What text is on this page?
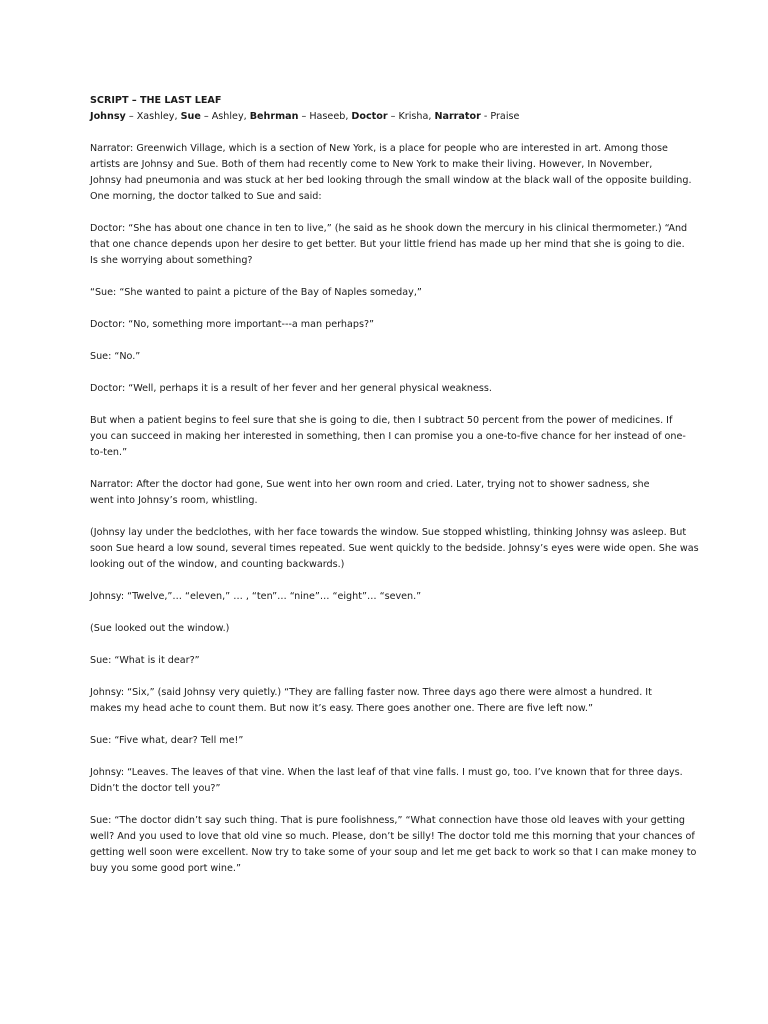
SCRIPT – THE LAST LEAF

Johnsy – Xashley, Sue – Ashley, Behrman – Haseeb, Doctor – Krisha, Narrator - Praise

Narrator: Greenwich Village, which is a section of New York, is a place for people who are interested in art. Among those

artists are Johnsy and Sue. Both of them had recently come to New York to make their living. However, In November,

Johnsy had pneumonia and was stuck at her bed looking through the small window at the black wall of the opposite building.

One morning, the doctor talked to Sue and said:

Doctor: “She has about one chance in ten to live,” (he said as he shook down the mercury in his clinical thermometer.) “And

that one chance depends upon her desire to get better. But your little friend has made up her mind that she is going to die.

Is she worrying about something?

“Sue: “She wanted to paint a picture of the Bay of Naples someday,”

Doctor: “No, something more important---a man perhaps?”

Sue: “No.”

Doctor: “Well, perhaps it is a result of her fever and her general physical weakness.

But when a patient begins to feel sure that she is going to die, then I subtract 50 percent from the power of medicines. If

you can succeed in making her interested in something, then I can promise you a one-to-five chance for her instead of one-

to-ten.”

Narrator: After the doctor had gone, Sue went into her own room and cried. Later, trying not to shower sadness, she

went into Johnsy’s room, whistling.

(Johnsy lay under the bedclothes, with her face towards the window. Sue stopped whistling, thinking Johnsy was asleep. But

soon Sue heard a low sound, several times repeated. Sue went quickly to the bedside. Johnsy’s eyes were wide open. She was

looking out of the window, and counting backwards.)

Johnsy: “Twelve,”… “eleven,” … , “ten”… “nine”… “eight”… “seven.”

(Sue looked out the window.)

Sue: “What is it dear?”

Johnsy: “Six,” (said Johnsy very quietly.) “They are falling faster now. Three days ago there were almost a hundred. It

makes my head ache to count them. But now it’s easy. There goes another one. There are five left now.”

Sue: “Five what, dear? Tell me!”

Johnsy: “Leaves. The leaves of that vine. When the last leaf of that vine falls. I must go, too. I’ve known that for three days.

Didn’t the doctor tell you?”

Sue: “The doctor didn’t say such thing. That is pure foolishness,” “What connection have those old leaves with your getting

well? And you used to love that old vine so much. Please, don’t be silly! The doctor told me this morning that your chances of

getting well soon were excellent. Now try to take some of your soup and let me get back to work so that I can make money to

buy you some good port wine.”
